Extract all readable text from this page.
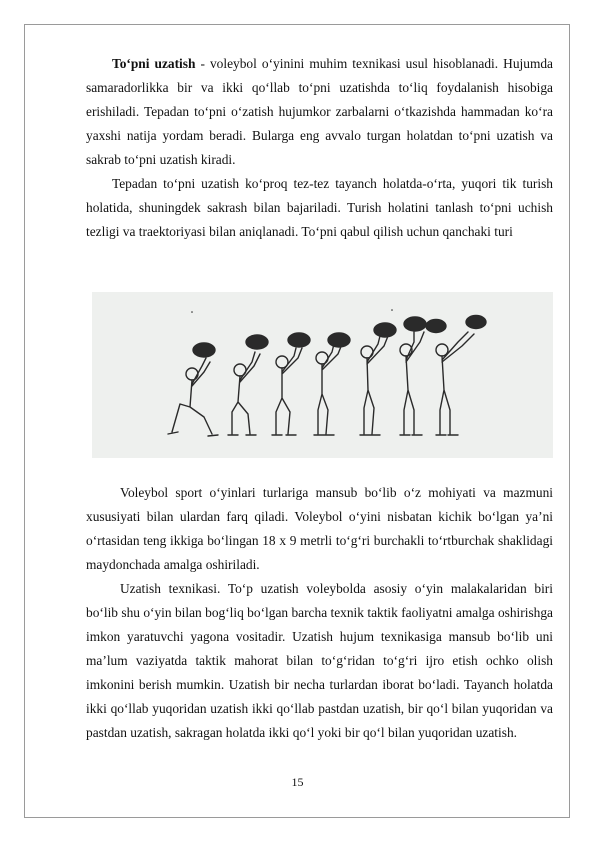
To‘pni uzatish - voleybol o‘yinini muhim texnikasi usul hisoblanadi. Hujumda samaradorlikka bir va ikki qo‘llab to‘pni uzatishda to‘liq foydalanish hisobiga erishiladi. Tepadan to‘pni o‘zatish hujumkor zarbalarni o‘tkazishda hammadan ko‘ra yaxshi natija yordam beradi. Bularga eng avvalo turgan holatdan to‘pni uzatish va sakrab to‘pni uzatish kiradi.

Tepadan to‘pni uzatish ko‘proq tez-tez tayanch holatda-o‘rta, yuqori tik turish holatida, shuningdek sakrash bilan bajariladi. Turish holatini tanlash to‘pni uchish tezligi va traektoriyasi bilan aniqlanadi. To‘pni qabul qilish uchun qanchaki turi

Voleybol sport o‘yinlari turlariga mansub bo‘lib o‘z mohiyati va mazmuni xususiyati bilan ulardan farq qiladi. Voleybol o‘yini nisbatan kichik bo‘lgan ya’ni o‘rtasidan teng ikkiga bo‘lingan 18 x 9 metrli to‘g‘ri burchakli to‘rtburchak shaklidagi maydonchada amalga oshiriladi.

Uzatish texnikasi. To‘p uzatish voleybolda asosiy o‘yin malakalaridan biri bo‘lib shu o‘yin bilan bog‘liq bo‘lgan barcha texnik taktik faoliyatni amalga oshirishga imkon yaratuvchi yagona vositadir. Uzatish hujum texnikasiga mansub bo‘lib uni ma’lum vaziyatda taktik mahorat bilan to‘g‘ridan to‘g‘ri ijro etish ochko olish imkonini berish mumkin. Uzatish bir necha turlardan iborat bo‘ladi. Tayanch holatda ikki qo‘llab yuqoridan uzatish ikki qo‘llab pastdan uzatish, bir qo‘l bilan yuqoridan va pastdan uzatish, sakragan holatda ikki qo‘l yoki bir qo‘l bilan yuqoridan uzatish.

15
